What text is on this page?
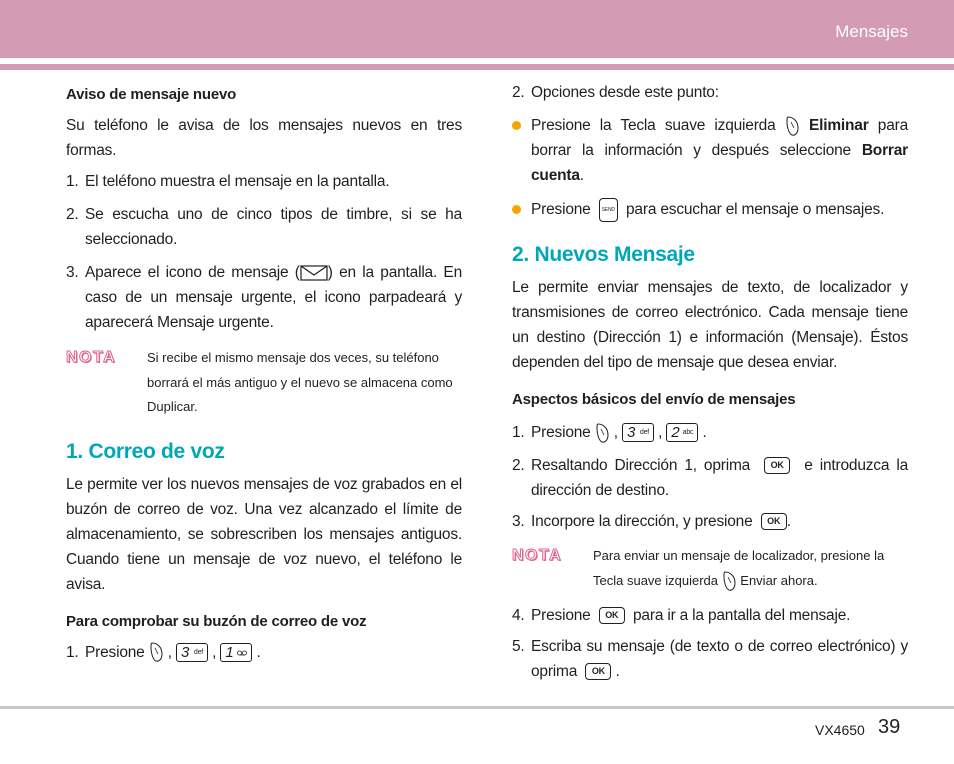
Mensajes
Aviso de mensaje nuevo

Su teléfono le avisa de los mensajes nuevos en tres formas.

1. El teléfono muestra el mensaje en la pantalla.
2. Se escucha uno de cinco tipos de timbre, si se ha seleccionado.
3. Aparece el icono de mensaje ( ) en la pantalla. En caso de un mensaje urgente, el icono parpadeará y aparecerá Mensaje urgente.
NOTA Si recibe el mismo mensaje dos veces, su teléfono borrará el más antiguo y el nuevo se almacena como Duplicar.
1. Correo de voz

Le permite ver los nuevos mensajes de voz grabados en el buzón de correo de voz. Una vez alcanzado el límite de almacenamiento, se sobrescriben los mensajes antiguos. Cuando tiene un mensaje de voz nuevo, el teléfono le avisa.

Para comprobar su buzón de correo de voz
1. Presione , 3 def , 1 .
2. Opciones desde este punto:
Presione la Tecla suave izquierda Eliminar para borrar la información y después seleccione Borrar cuenta.
Presione SEND para escuchar el mensaje o mensajes.
2. Nuevos Mensaje

Le permite enviar mensajes de texto, de localizador y transmisiones de correo electrónico. Cada mensaje tiene un destino (Dirección 1) e información (Mensaje). Éstos dependen del tipo de mensaje que desea enviar.

Aspectos básicos del envío de mensajes
1. Presione , 3 def , 2 abc .
2. Resaltando Dirección 1, oprima OK e introduzca la dirección de destino.
3. Incorpore la dirección, y presione OK .
NOTA Para enviar un mensaje de localizador, presione la Tecla suave izquierda Enviar ahora.
4. Presione OK para ir a la pantalla del mensaje.
5. Escriba su mensaje (de texto o de correo electrónico) y oprima OK .
VX4650 39
